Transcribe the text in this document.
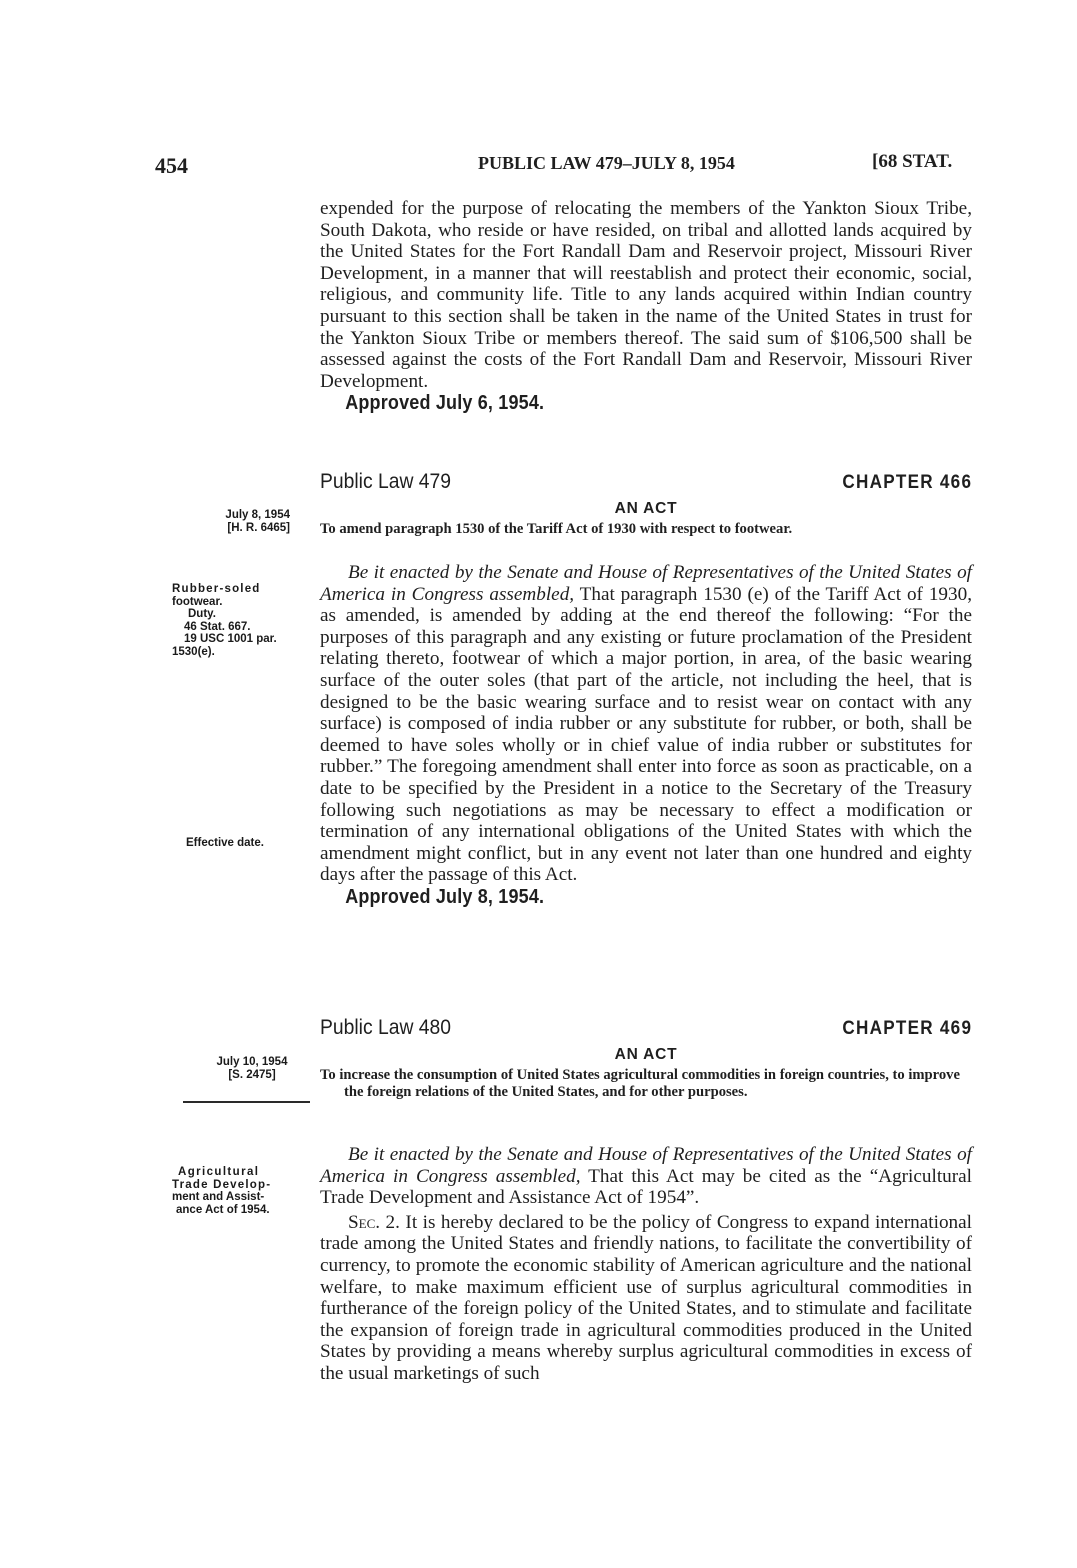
454	PUBLIC LAW 479–JULY 8, 1954	[68 STAT.

expended for the purpose of relocating the members of the Yankton Sioux Tribe, South Dakota, who reside or have resided, on tribal and allotted lands acquired by the United States for the Fort Randall Dam and Reservoir project, Missouri River Development, in a manner that will reestablish and protect their economic, social, religious, and community life. Title to any lands acquired within Indian country pursuant to this section shall be taken in the name of the United States in trust for the Yankton Sioux Tribe or members thereof. The said sum of $106,500 shall be assessed against the costs of the Fort Randall Dam and Reservoir, Missouri River Development.

Approved July 6, 1954.

Public Law 479	CHAPTER 466
AN ACT
To amend paragraph 1530 of the Tariff Act of 1930 with respect to footwear.

Be it enacted by the Senate and House of Representatives of the United States of America in Congress assembled, That paragraph 1530 (e) of the Tariff Act of 1930, as amended, is amended by adding at the end thereof the following: “For the purposes of this paragraph and any existing or future proclamation of the President relating thereto, footwear of which a major portion, in area, of the basic wearing surface of the outer soles (that part of the article, not including the heel, that is designed to be the basic wearing surface and to resist wear on contact with any surface) is composed of india rubber or any substitute for rubber, or both, shall be deemed to have soles wholly or in chief value of india rubber or substitutes for rubber.” The foregoing amendment shall enter into force as soon as practicable, on a date to be specified by the President in a notice to the Secretary of the Treasury following such negotiations as may be necessary to effect a modification or termination of any international obligations of the United States with which the amendment might conflict, but in any event not later than one hundred and eighty days after the passage of this Act.

Approved July 8, 1954.

July 8, 1954
[H. R. 6465]
Rubber-soled
footwear.
Duty.
46 Stat. 667.
19 USC 1001 par.
1530(e).
Effective date.
Public Law 480	CHAPTER 469
AN ACT
To increase the consumption of United States agricultural commodities in foreign countries, to improve the foreign relations of the United States, and for other purposes.

Be it enacted by the Senate and House of Representatives of the United States of America in Congress assembled, That this Act may be cited as the “Agricultural Trade Development and Assistance Act of 1954”.

Sec. 2. It is hereby declared to be the policy of Congress to expand international trade among the United States and friendly nations, to facilitate the convertibility of currency, to promote the economic stability of American agriculture and the national welfare, to make maximum efficient use of surplus agricultural commodities in furtherance of the foreign policy of the United States, and to stimulate and facilitate the expansion of foreign trade in agricultural commodities produced in the United States by providing a means whereby surplus agricultural commodities in excess of the usual marketings of such

July 10, 1954
[S. 2475]
Agricultural
Trade Develop-
ment and Assist-
ance Act of 1954.
